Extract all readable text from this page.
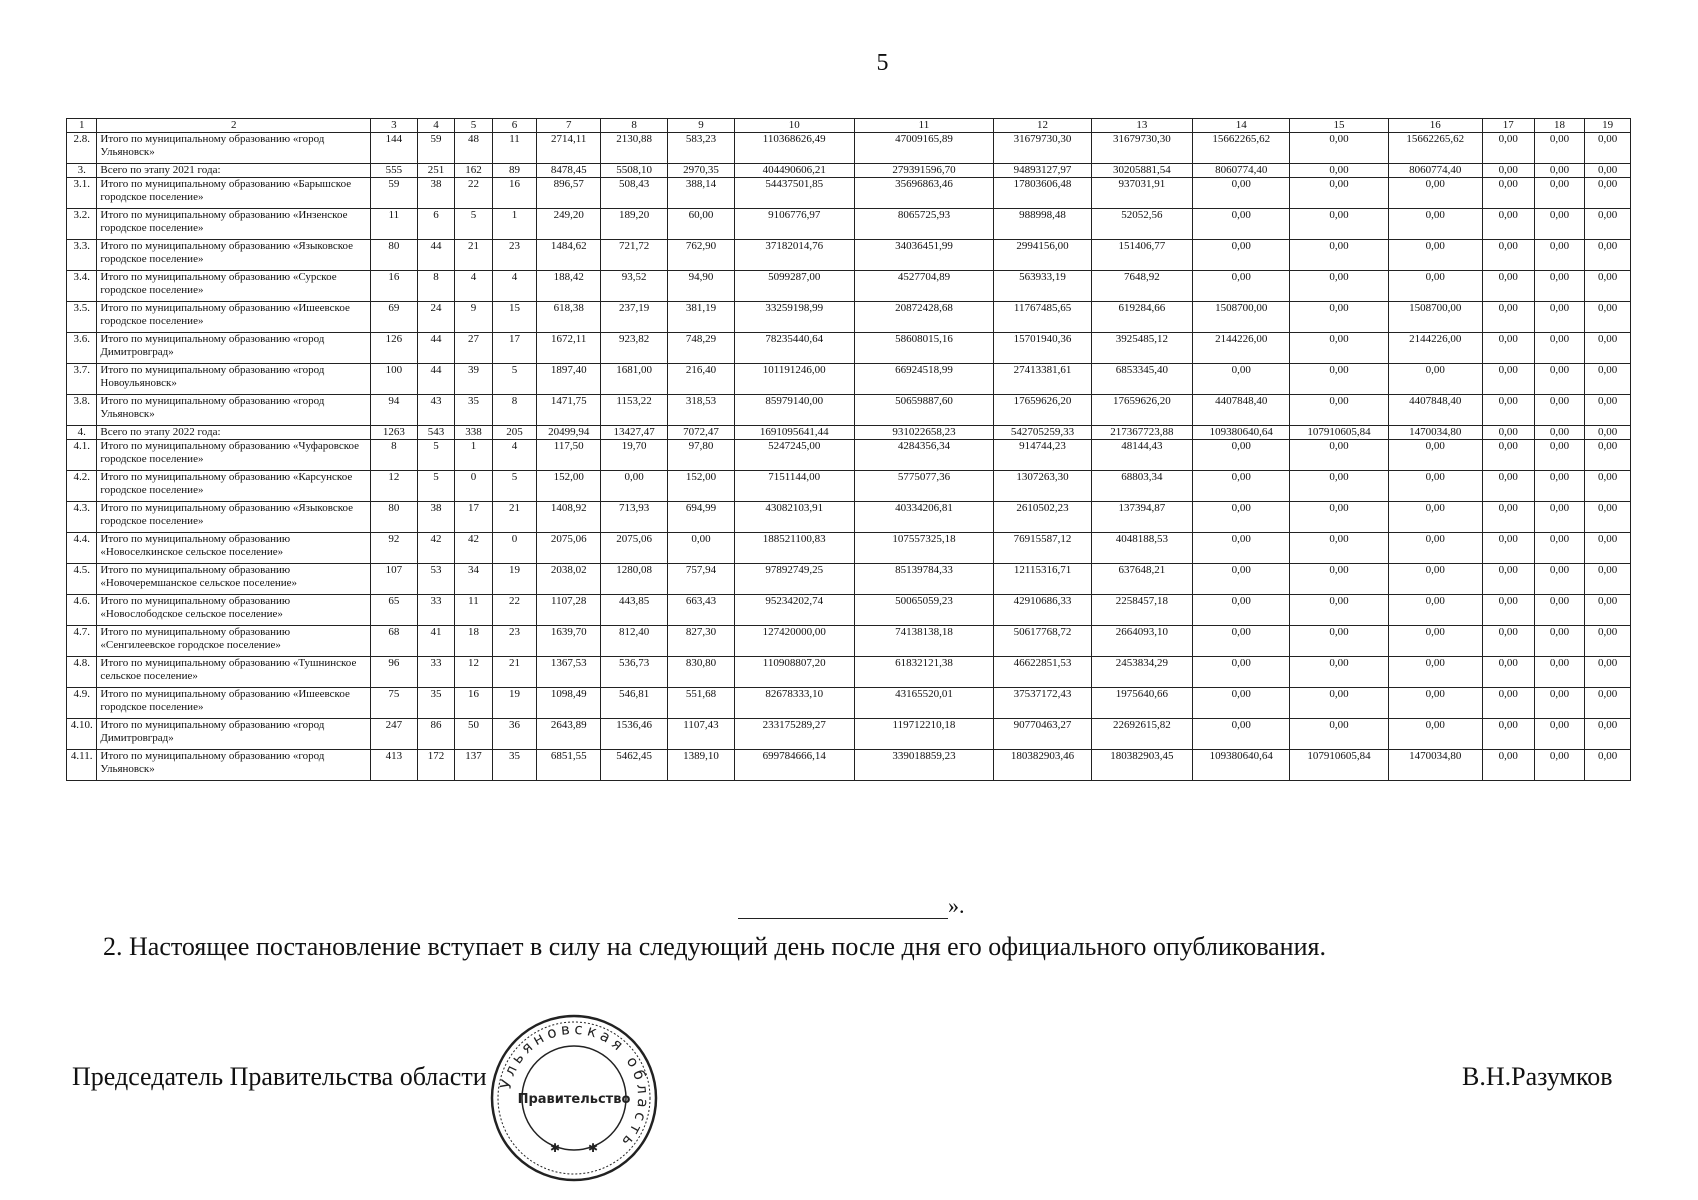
5
1	2	3	4	5	6	7	8	9	10	11	12	13	14	15	16	17	18	19
2.8.	Итого по муниципальному образованию «город Ульяновск»	144	59	48	11	2714,11	2130,88	583,23	110368626,49	47009165,89	31679730,30	31679730,30	15662265,62	0,00	15662265,62	0,00	0,00	0,00
3.	Всего по этапу 2021 года:	555	251	162	89	8478,45	5508,10	2970,35	404490606,21	279391596,70	94893127,97	30205881,54	8060774,40	0,00	8060774,40	0,00	0,00	0,00
3.1.	Итого по муниципальному образованию «Барышское городское поселение»	59	38	22	16	896,57	508,43	388,14	54437501,85	35696863,46	17803606,48	937031,91	0,00	0,00	0,00	0,00	0,00	0,00
3.2.	Итого по муниципальному образованию «Инзенское городское поселение»	11	6	5	1	249,20	189,20	60,00	9106776,97	8065725,93	988998,48	52052,56	0,00	0,00	0,00	0,00	0,00	0,00
3.3.	Итого по муниципальному образованию «Языковское городское поселение»	80	44	21	23	1484,62	721,72	762,90	37182014,76	34036451,99	2994156,00	151406,77	0,00	0,00	0,00	0,00	0,00	0,00
3.4.	Итого по муниципальному образованию «Сурское городское поселение»	16	8	4	4	188,42	93,52	94,90	5099287,00	4527704,89	563933,19	7648,92	0,00	0,00	0,00	0,00	0,00	0,00
3.5.	Итого по муниципальному образованию «Ишеевское городское поселение»	69	24	9	15	618,38	237,19	381,19	33259198,99	20872428,68	11767485,65	619284,66	1508700,00	0,00	1508700,00	0,00	0,00	0,00
3.6.	Итого по муниципальному образованию «город Димитровград»	126	44	27	17	1672,11	923,82	748,29	78235440,64	58608015,16	15701940,36	3925485,12	2144226,00	0,00	2144226,00	0,00	0,00	0,00
3.7.	Итого по муниципальному образованию «город Новоульяновск»	100	44	39	5	1897,40	1681,00	216,40	101191246,00	66924518,99	27413381,61	6853345,40	0,00	0,00	0,00	0,00	0,00	0,00
3.8.	Итого по муниципальному образованию «город Ульяновск»	94	43	35	8	1471,75	1153,22	318,53	85979140,00	50659887,60	17659626,20	17659626,20	4407848,40	0,00	4407848,40	0,00	0,00	0,00
4.	Всего по этапу 2022 года:	1263	543	338	205	20499,94	13427,47	7072,47	1691095641,44	931022658,23	542705259,33	217367723,88	109380640,64	107910605,84	1470034,80	0,00	0,00	0,00
4.1.	Итого по муниципальному образованию «Чуфаровское городское поселение»	8	5	1	4	117,50	19,70	97,80	5247245,00	4284356,34	914744,23	48144,43	0,00	0,00	0,00	0,00	0,00	0,00
4.2.	Итого по муниципальному образованию «Карсунское городское поселение»	12	5	0	5	152,00	0,00	152,00	7151144,00	5775077,36	1307263,30	68803,34	0,00	0,00	0,00	0,00	0,00	0,00
4.3.	Итого по муниципальному образованию «Языковское городское поселение»	80	38	17	21	1408,92	713,93	694,99	43082103,91	40334206,81	2610502,23	137394,87	0,00	0,00	0,00	0,00	0,00	0,00
4.4.	Итого по муниципальному образованию «Новоселкинское сельское поселение»	92	42	42	0	2075,06	2075,06	0,00	188521100,83	107557325,18	76915587,12	4048188,53	0,00	0,00	0,00	0,00	0,00	0,00
4.5.	Итого по муниципальному образованию «Новочеремшанское сельское поселение»	107	53	34	19	2038,02	1280,08	757,94	97892749,25	85139784,33	12115316,71	637648,21	0,00	0,00	0,00	0,00	0,00	0,00
4.6.	Итого по муниципальному образованию «Новослободское сельское поселение»	65	33	11	22	1107,28	443,85	663,43	95234202,74	50065059,23	42910686,33	2258457,18	0,00	0,00	0,00	0,00	0,00	0,00
4.7.	Итого по муниципальному образованию «Сенгилеевское городское поселение»	68	41	18	23	1639,70	812,40	827,30	127420000,00	74138138,18	50617768,72	2664093,10	0,00	0,00	0,00	0,00	0,00	0,00
4.8.	Итого по муниципальному образованию «Тушнинское сельское поселение»	96	33	12	21	1367,53	536,73	830,80	110908807,20	61832121,38	46622851,53	2453834,29	0,00	0,00	0,00	0,00	0,00	0,00
4.9.	Итого по муниципальному образованию «Ишеевское городское поселение»	75	35	16	19	1098,49	546,81	551,68	82678333,10	43165520,01	37537172,43	1975640,66	0,00	0,00	0,00	0,00	0,00	0,00
4.10.	Итого по муниципальному образованию «город Димитровград»	247	86	50	36	2643,89	1536,46	1107,43	233175289,27	119712210,18	90770463,27	22692615,82	0,00	0,00	0,00	0,00	0,00	0,00
4.11.	Итого по муниципальному образованию «город Ульяновск»	413	172	137	35	6851,55	5462,45	1389,10	699784666,14	339018859,23	180382903,46	180382903,45	109380640,64	107910605,84	1470034,80	0,00	0,00	0,00
».
2. Настоящее постановление вступает в силу на следующий день после дня его официального опубликования.
Председатель Правительства области	В.Н.Разумков
Ульяновская область
Правительство
✱ ✱
